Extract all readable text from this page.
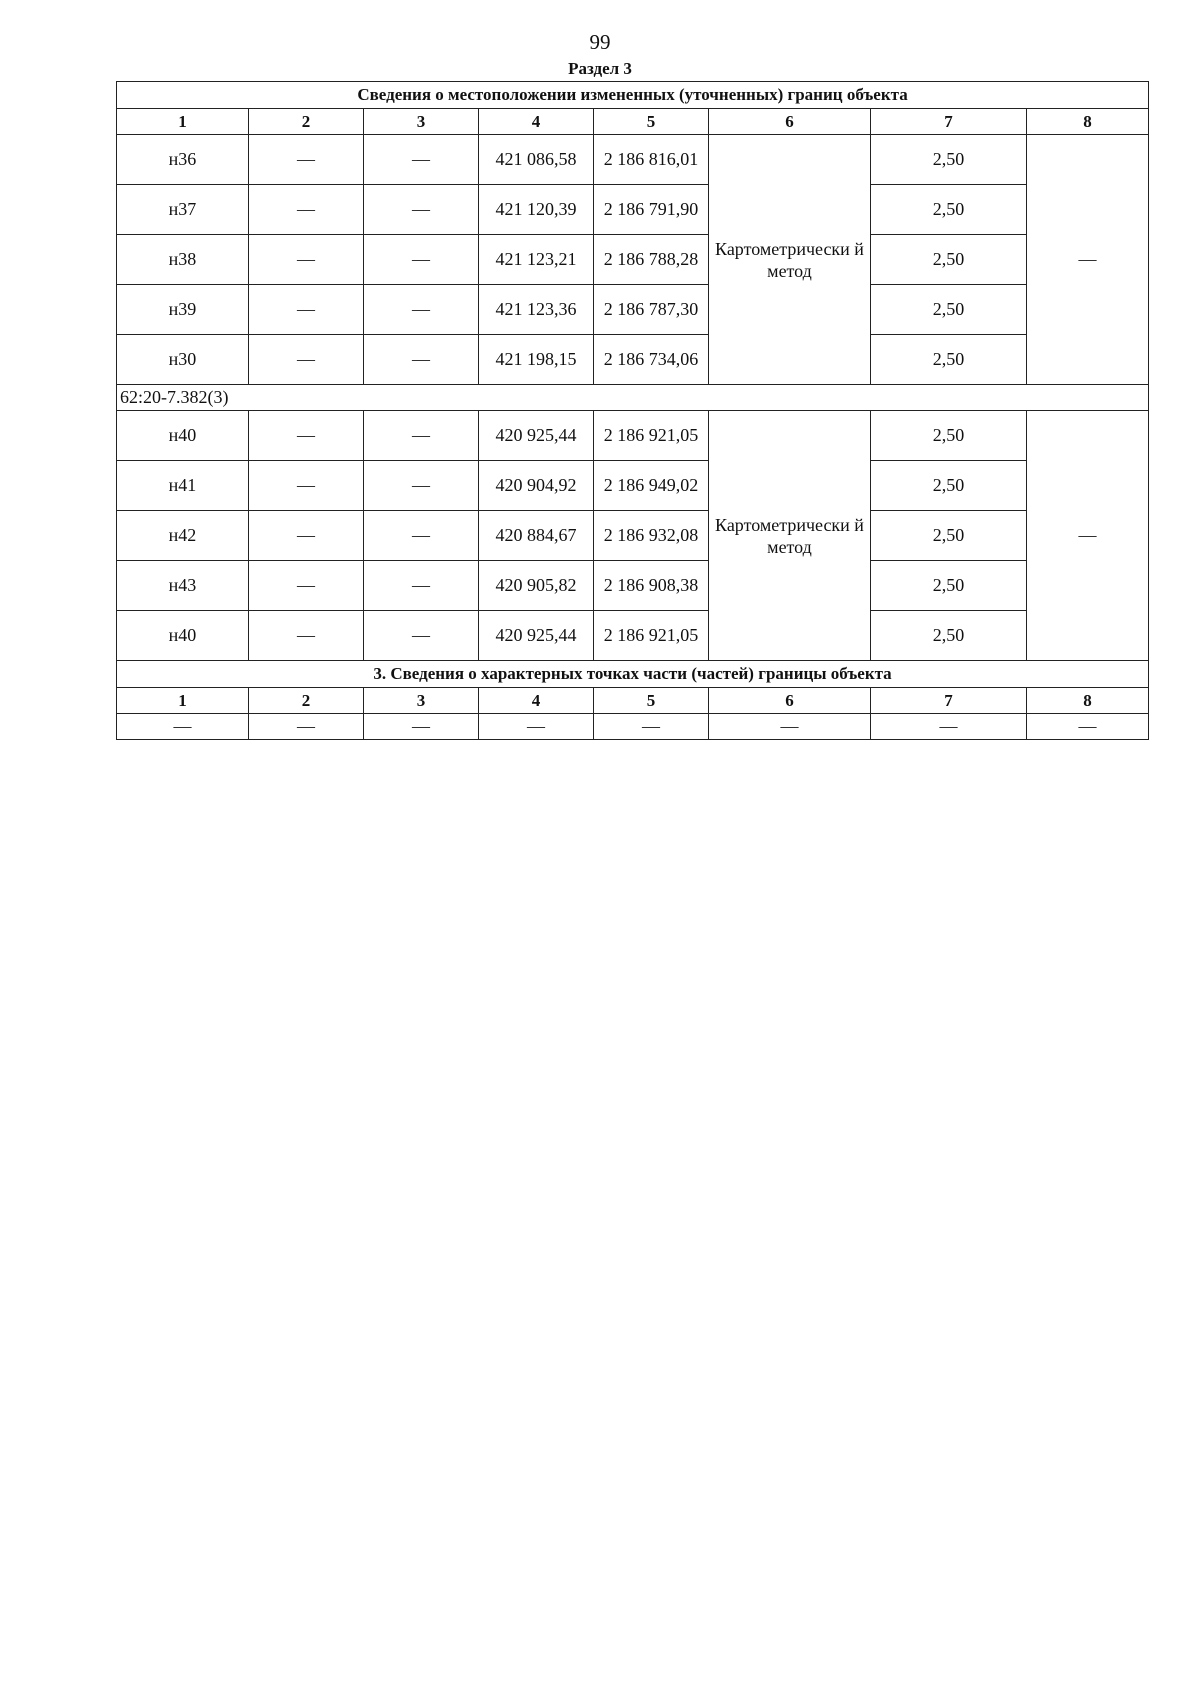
99
Раздел 3
Сведения о местоположении измененных (уточненных) границ объекта							
1	2	3	4	5	6	7	8
н36	—	—	421 086,58	2 186 816,01	Картометрически й метод	2,50	—
н37	—	—	421 120,39	2 186 791,90		2,50	
н38	—	—	421 123,21	2 186 788,28		2,50	
н39	—	—	421 123,36	2 186 787,30		2,50	
н30	—	—	421 198,15	2 186 734,06		2,50	
62:20-7.382(3)							
н40	—	—	420 925,44	2 186 921,05	Картометрически й метод	2,50	—
н41	—	—	420 904,92	2 186 949,02		2,50	
н42	—	—	420 884,67	2 186 932,08		2,50	
н43	—	—	420 905,82	2 186 908,38		2,50	
н40	—	—	420 925,44	2 186 921,05		2,50	
3. Сведения о характерных точках части (частей) границы объекта							
1	2	3	4	5	6	7	8
—	—	—	—	—	—	—	—
